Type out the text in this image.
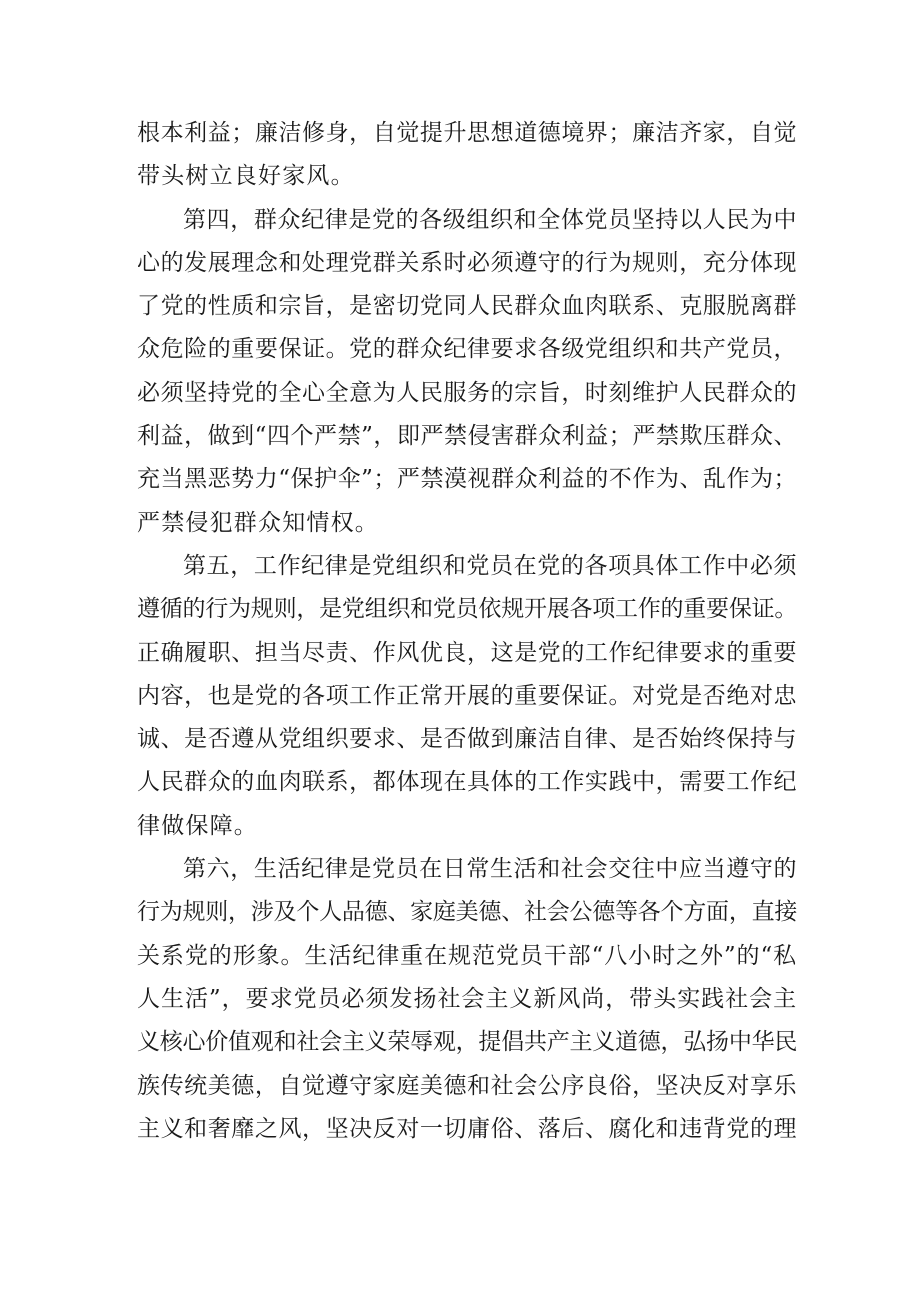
根本利益；廉洁修身，自觉提升思想道德境界；廉洁齐家，自觉
带头树立良好家风。
第四，群众纪律是党的各级组织和全体党员坚持以人民为中
心的发展理念和处理党群关系时必须遵守的行为规则，充分体现
了党的性质和宗旨，是密切党同人民群众血肉联系、克服脱离群
众危险的重要保证。党的群众纪律要求各级党组织和共产党员，
必须坚持党的全心全意为人民服务的宗旨，时刻维护人民群众的
利益，做到“四个严禁”，即严禁侵害群众利益；严禁欺压群众、
充当黑恶势力“保护伞”；严禁漠视群众利益的不作为、乱作为；
严禁侵犯群众知情权。
第五，工作纪律是党组织和党员在党的各项具体工作中必须
遵循的行为规则，是党组织和党员依规开展各项工作的重要保证。
正确履职、担当尽责、作风优良，这是党的工作纪律要求的重要
内容，也是党的各项工作正常开展的重要保证。对党是否绝对忠
诚、是否遵从党组织要求、是否做到廉洁自律、是否始终保持与
人民群众的血肉联系，都体现在具体的工作实践中，需要工作纪
律做保障。
第六，生活纪律是党员在日常生活和社会交往中应当遵守的
行为规则，涉及个人品德、家庭美德、社会公德等各个方面，直接
关系党的形象。生活纪律重在规范党员干部“八小时之外”的“私
人生活”，要求党员必须发扬社会主义新风尚，带头实践社会主
义核心价值观和社会主义荣辱观，提倡共产主义道德，弘扬中华民
族传统美德，自觉遵守家庭美德和社会公序良俗，坚决反对享乐
主义和奢靡之风，坚决反对一切庸俗、落后、腐化和违背党的理
